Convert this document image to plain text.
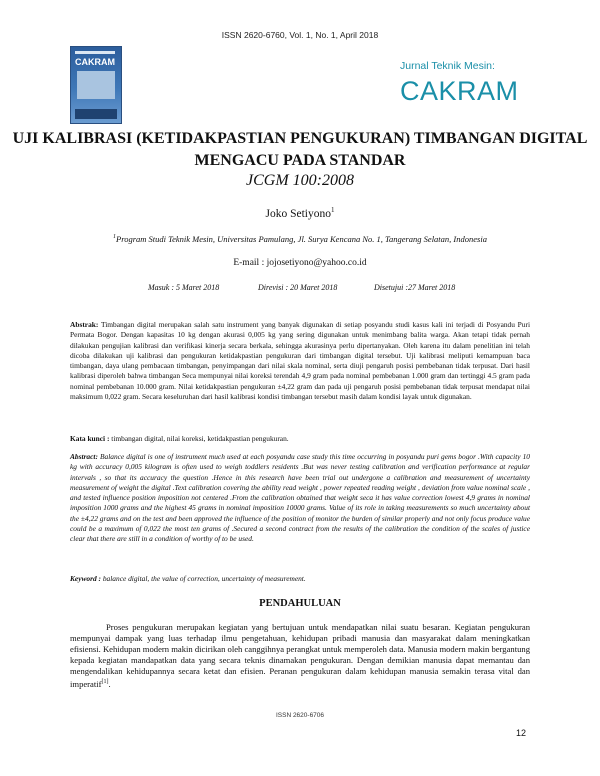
ISSN 2620-6760, Vol. 1, No. 1, April 2018
CAKRAM	Jurnal Teknik Mesin:
CAKRAM
UJI KALIBRASI (KETIDAKPASTIAN PENGUKURAN) TIMBANGAN DIGITAL MENGACU PADA STANDAR
JCGM 100:2008
Joko Setiyono$^1$
$^1$Program Studi Teknik Mesin, Universitas Pamulang, Jl. Surya Kencana No. 1, Tangerang Selatan, Indonesia
E-mail : jojosetiyono@yahoo.co.id
Masuk : 5 Maret 2018	Direvisi : 20 Maret 2018	Disetujui :27 Maret 2018
Abstrak: Timbangan digital merupakan salah satu instrument yang banyak digunakan di setiap posyandu studi kasus kali ini terjadi di Posyandu Puri Permata Bogor. Dengan kapasitas 10 kg dengan akurasi 0,005 kg yang sering digunakan untuk menimbang balita warga. Akan tetapi tidak pernah dilakukan pengujian kalibrasi dan verifikasi kinerja secara berkala, sehingga akurasinya perlu dipertanyakan. Oleh karena itu dalam penelitian ini telah dicoba dilakukan uji kalibrasi dan pengukuran ketidakpastian pengukuran dari timbangan digital tersebut. Uji kalibrasi meliputi kemampuan baca timbangan, daya ulang pembacaan timbangan, penyimpangan dari nilai skala nominal, serta diuji pengaruh posisi pembebanan tidak terpusat. Dari hasil kalibrasi diperoleh bahwa timbangan Seca mempunyai nilai koreksi terendah 4,9 gram pada nominal pembebanan 1.000 gram dan tertinggi 4.5 gram pada nominal pembebanan 10.000 gram. Nilai ketidakpastian pengukuran ±4,22 gram dan pada uji pengaruh posisi pembebanan tidak terpusat mendapat nilai maksimum 0,022 gram. Secara keseluruhan dari hasil kalibrasi kondisi timbangan tersebut masih dalam kondisi layak untuk digunakan.
Kata kunci : timbangan digital, nilai koreksi, ketidakpastian pengukuran.
Abstract: Balance digital is one of instrument much used at each posyandu case study this time occurring in posyandu puri gems bogor .With capacity 10 kg with accuracy 0,005 kilogram is often used to weigh toddlers residents .But was never testing calibration and verification performance at regular intervals , so that its accuracy the question .Hence in this research have been trial out undergone a calibration and measurement of uncertainty measurement of weight the digital .Text calibration covering the ability read weight , power repeated reading weight , deviation from value nominal scale , and tested influence position imposition not centered .From the calibration obtained that weight seca it has value correction lowest 4,9 grams in nominal imposition 1000 grams and the highest 45 grams in nominal imposition 10000 grams. Value of its role in taking measurements so much uncertainty about the ±4,22 grams and on the test and been approved the influence of the position of monitor the burden of similar properly and not only focus produce value could be a maximum of 0,022 the most ten grams of .Secured a second contract from the results of the calibration the condition of the scales of justice clear that there are still in a condition of worthy of to be used.
Keyword : balance digital, the value of correction, uncertainty of measurement.
PENDAHULUAN
Proses pengukuran merupakan kegiatan yang bertujuan untuk mendapatkan nilai suatu besaran. Kegiatan pengukuran mempunyai dampak yang luas terhadap ilmu pengetahuan, kehidupan pribadi manusia dan masyarakat dalam meningkatkan efisiensi. Kehidupan modern makin dicirikan oleh canggihnya perangkat untuk memperoleh data. Manusia modern makin bergantung kepada kegiatan mandapatkan data yang secara teknis dinamakan pengukuran. Dengan demikian manusia dapat memantau dan mengendalikan kehidupannya secara ketat dan efisien. Peranan pengukuran dalam kehidupan manusia semakin terasa vital dan imperatif[1].
ISSN 2620-6706
12
